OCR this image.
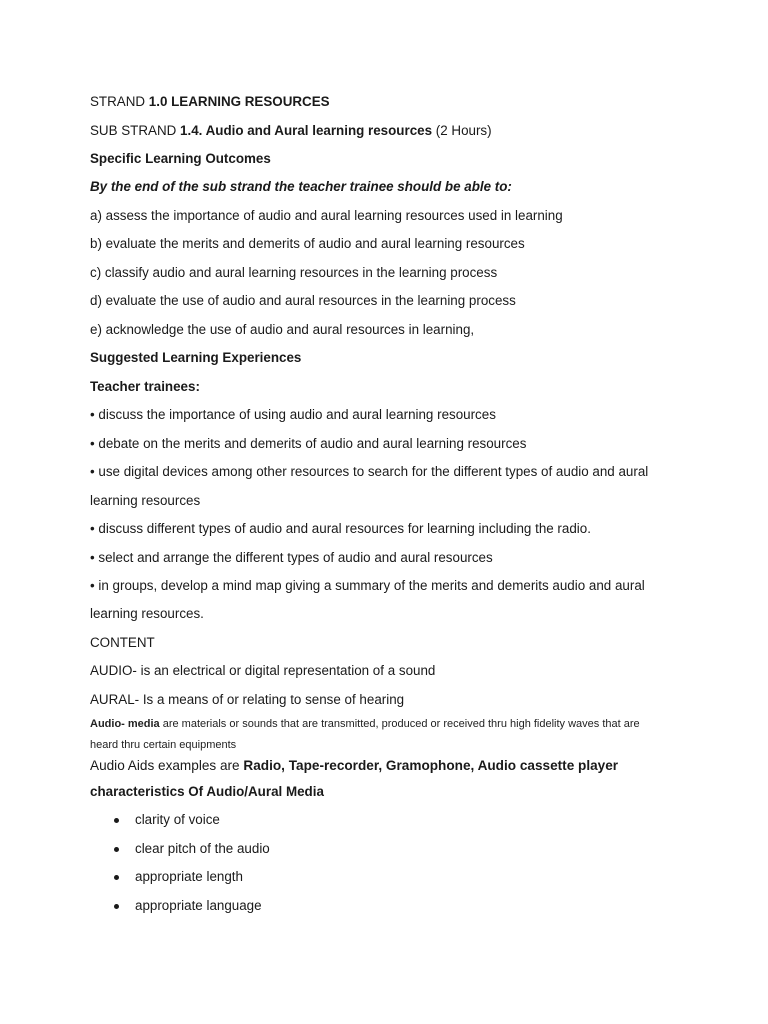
STRAND 1.0 LEARNING RESOURCES
SUB STRAND 1.4. Audio and Aural learning resources (2 Hours)
Specific Learning Outcomes
By the end of the sub strand the teacher trainee should be able to:
a) assess the importance of audio and aural learning resources used in learning
b) evaluate the merits and demerits of audio and aural learning resources
c) classify audio and aural learning resources in the learning process
d) evaluate the use of audio and aural resources in the learning process
e) acknowledge the use of audio and aural resources in learning,
Suggested Learning Experiences
Teacher trainees:
• discuss the importance of using audio and aural learning resources
• debate on the merits and demerits of audio and aural learning resources
• use digital devices among other resources to search for the different types of audio and aural
learning resources
• discuss different types of audio and aural resources for learning including the radio.
• select and arrange the different types of audio and aural resources
• in groups, develop a mind map giving a summary of the merits and demerits audio and aural
learning resources.
CONTENT
AUDIO- is an electrical or digital representation of a sound
AURAL- Is a means of or relating to sense of hearing
Audio- media are materials or sounds that are transmitted, produced or received thru high fidelity waves that are
heard thru certain equipments
Audio Aids examples are Radio, Tape-recorder, Gramophone, Audio cassette player
characteristics Of Audio/Aural Media
clarity of voice
clear pitch of the audio
appropriate length
appropriate language
